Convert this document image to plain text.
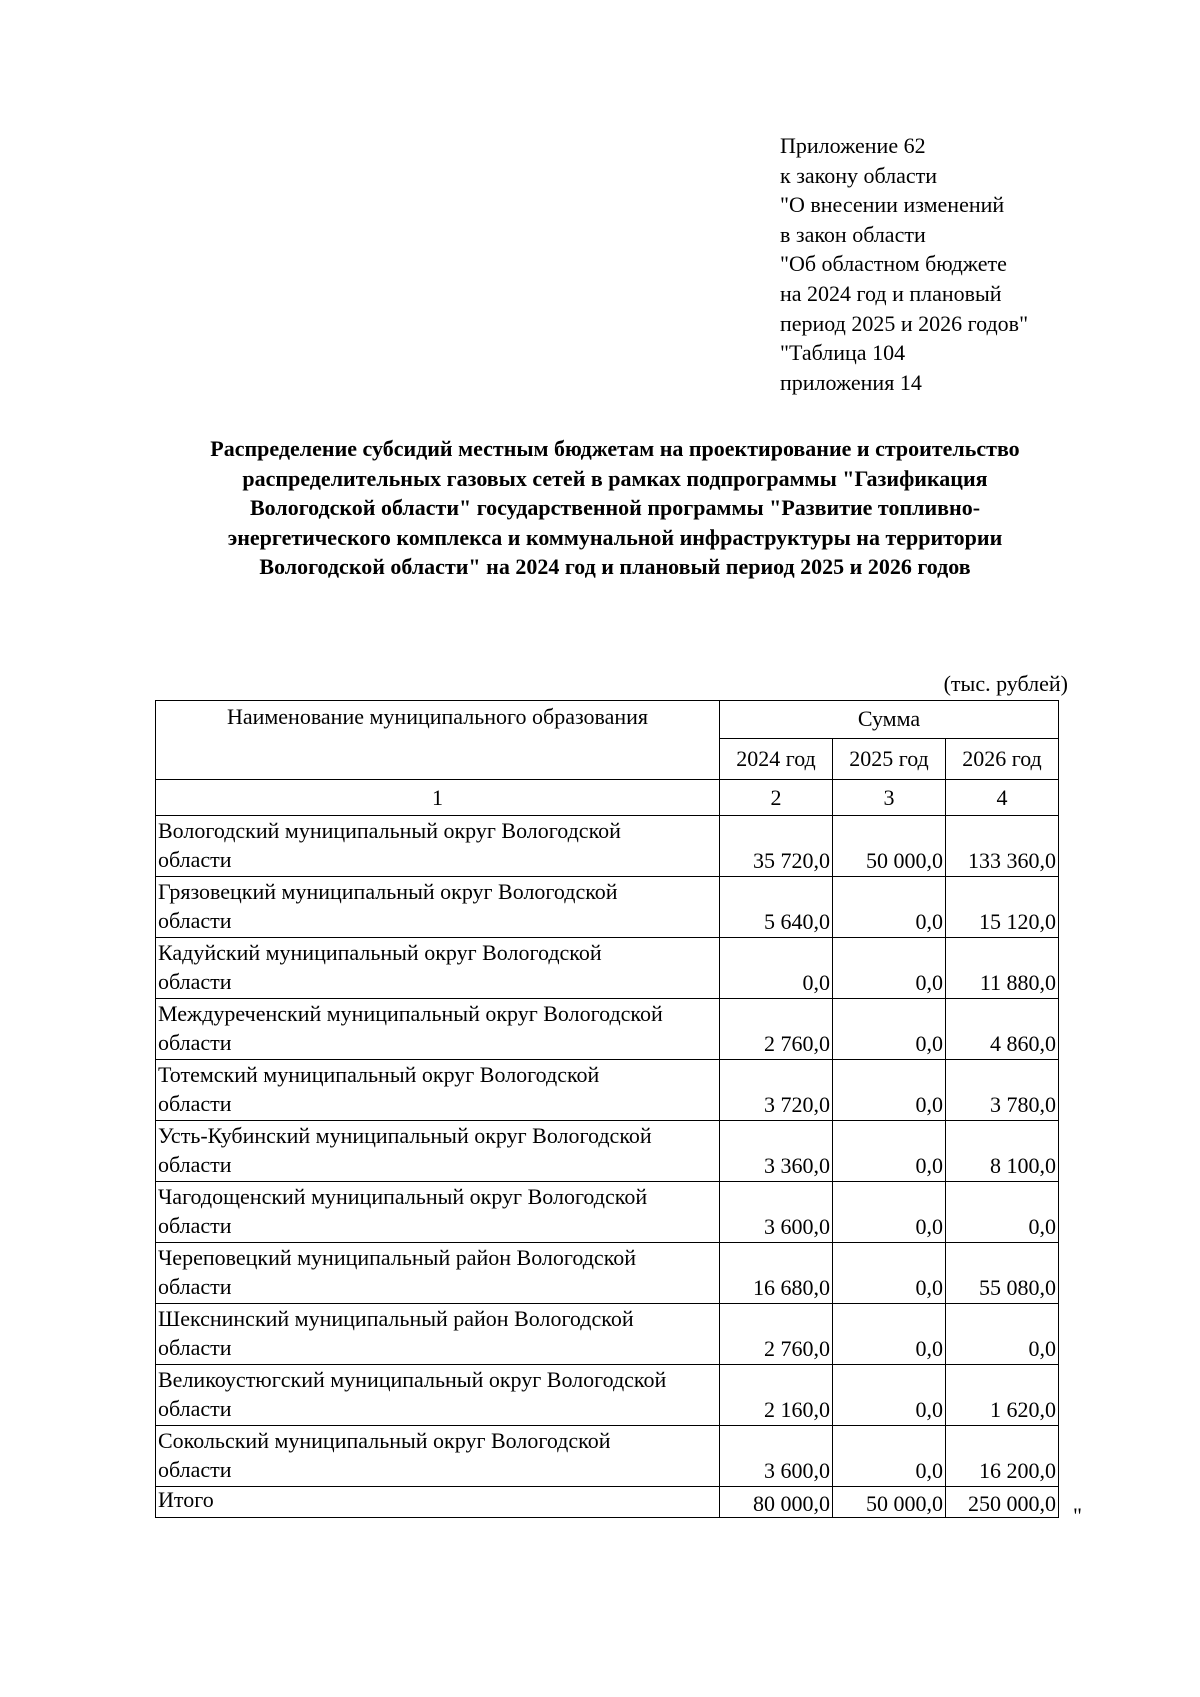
Приложение 62
к закону области
"О внесении изменений
в закон области
"Об областном бюджете
на 2024 год и плановый
период 2025 и 2026 годов"
"Таблица 104
приложения 14
Распределение субсидий местным бюджетам на проектирование и строительство
распределительных газовых сетей в рамках подпрограммы "Газификация
Вологодской области" государственной программы "Развитие топливно-
энергетического комплекса и коммунальной инфраструктуры на территории
Вологодской области" на 2024 год и плановый период 2025 и 2026 годов
(тыс. рублей)
Наименование муниципального образования	Сумма		
	2024 год	2025 год	2026 год
1	2	3	4

Вологодский муниципальный округ Вологодской
области	35 720,0	50 000,0	133 360,0

Грязовецкий муниципальный округ Вологодской
области	5 640,0	0,0	15 120,0

Кадуйский муниципальный округ Вологодской
области	0,0	0,0	11 880,0

Междуреченский муниципальный округ Вологодской
области	2 760,0	0,0	4 860,0

Тотемский муниципальный округ Вологодской
области	3 720,0	0,0	3 780,0

Усть-Кубинский муниципальный округ Вологодской
области	3 360,0	0,0	8 100,0

Чагодощенский муниципальный округ Вологодской
области	3 600,0	0,0	0,0

Череповецкий муниципальный район Вологодской
области	16 680,0	0,0	55 080,0

Шекснинский муниципальный район Вологодской
области	2 760,0	0,0	0,0

Великоустюгский муниципальный округ Вологодской
области	2 160,0	0,0	1 620,0

Сокольский муниципальный округ Вологодской
области	3 600,0	0,0	16 200,0
Итого	80 000,0	50 000,0	250 000,0 "
